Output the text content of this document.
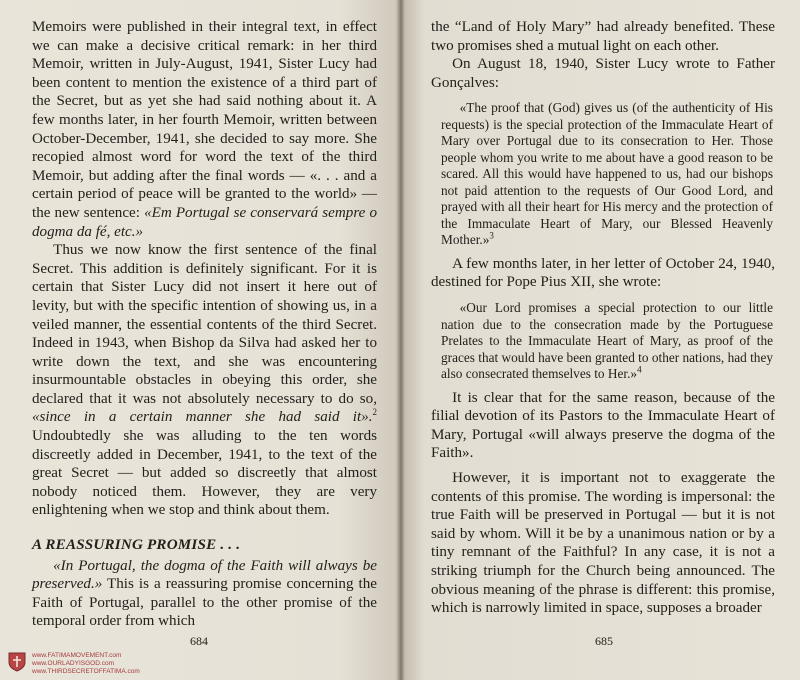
Memoirs were published in their integral text, in effect we can make a decisive critical remark: in her third Memoir, written in July-August, 1941, Sister Lucy had been content to mention the existence of a third part of the Secret, but as yet she had said nothing about it. A few months later, in her fourth Memoir, written between October-December, 1941, she decided to say more. She recopied almost word for word the text of the third Memoir, but adding after the final words — «. . . and a certain period of peace will be granted to the world» — the new sentence: «Em Portugal se conservará sempre o dogma da fé, etc.»

Thus we now know the first sentence of the final Secret. This addition is definitely significant. For it is certain that Sister Lucy did not insert it here out of levity, but with the specific intention of showing us, in a veiled manner, the essential contents of the third Secret. Indeed in 1943, when Bishop da Silva had asked her to write down the text, and she was encountering insurmountable obstacles in obeying this order, she declared that it was not absolutely necessary to do so, «since in a certain manner she had said it».$^2$ Undoubtedly she was alluding to the ten words discreetly added in December, 1941, to the text of the great Secret — but added so discreetly that almost nobody noticed them. However, they are very enlightening when we stop and think about them.

A REASSURING PROMISE . . .

«In Portugal, the dogma of the Faith will always be preserved.» This is a reassuring promise concerning the Faith of Portugal, parallel to the other promise of the temporal order from which

684

the “Land of Holy Mary” had already benefited. These two promises shed a mutual light on each other.

On August 18, 1940, Sister Lucy wrote to Father Gonçalves:

«The proof that (God) gives us (of the authenticity of His requests) is the special protection of the Immaculate Heart of Mary over Portugal due to its consecration to Her. Those people whom you write to me about have a good reason to be scared. All this would have happened to us, had our bishops not paid attention to the requests of Our Good Lord, and prayed with all their heart for His mercy and the protection of the Immaculate Heart of Mary, our Blessed Heavenly Mother.»$^3$

A few months later, in her letter of October 24, 1940, destined for Pope Pius XII, she wrote:

«Our Lord promises a special protection to our little nation due to the consecration made by the Portuguese Prelates to the Immaculate Heart of Mary, as proof of the graces that would have been granted to other nations, had they also consecrated themselves to Her.»$^4$

It is clear that for the same reason, because of the filial devotion of its Pastors to the Immaculate Heart of Mary, Portugal «will always preserve the dogma of the Faith».

However, it is important not to exaggerate the contents of this promise. The wording is impersonal: the true Faith will be preserved in Portugal — but it is not said by whom. Will it be by a unanimous nation or by a tiny remnant of the Faithful? In any case, it is not a striking triumph for the Church being announced. The obvious meaning of the phrase is different: this promise, which is narrowly limited in space, supposes a broader

685
www.FATIMAMOVEMENT.com
www.OURLADYISGOD.com
www.THIRDSECRETOFFATIMA.com
